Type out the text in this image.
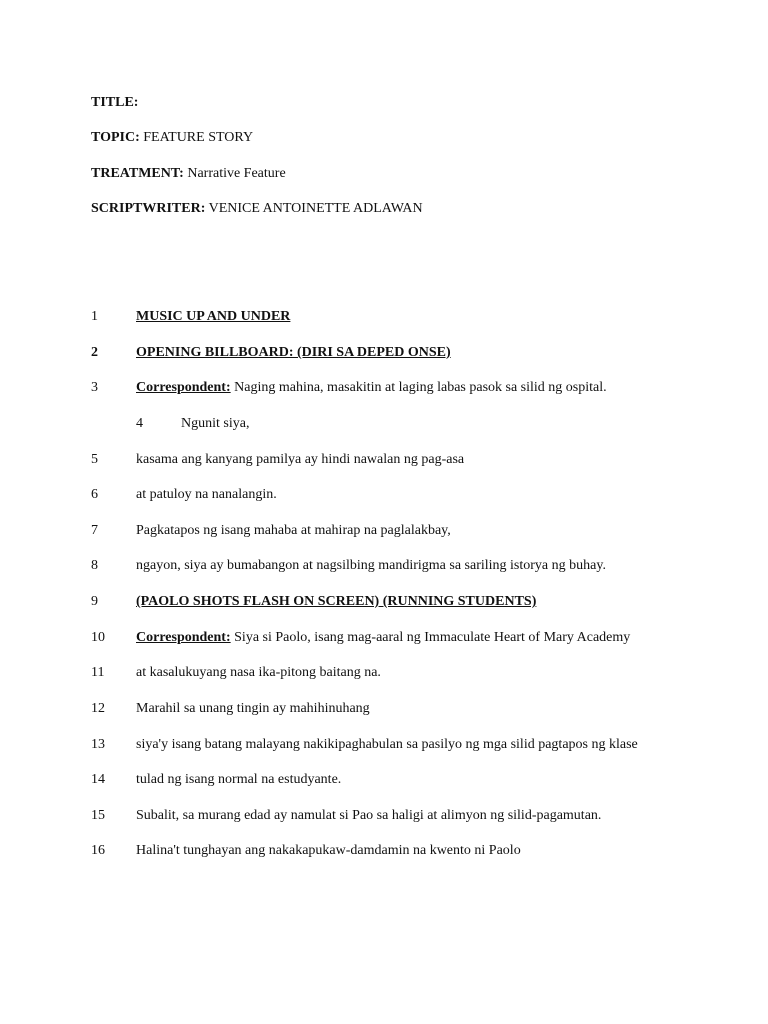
TITLE:
TOPIC: FEATURE STORY
TREATMENT: Narrative Feature
SCRIPTWRITER: VENICE ANTOINETTE ADLAWAN
1	MUSIC UP AND UNDER
2	OPENING BILLBOARD: (DIRI SA DEPED ONSE)
3	Correspondent: Naging mahina, masakitin at laging labas pasok sa silid ng ospital.
4	Ngunit siya,
5	kasama ang kanyang pamilya ay hindi nawalan ng pag-asa
6	at patuloy na nanalangin.
7	Pagkatapos ng isang mahaba at mahirap na paglalakbay,
8	ngayon, siya ay bumabangon at nagsilbing mandirigma sa sariling istorya ng buhay.
9	(PAOLO SHOTS FLASH ON SCREEN) (RUNNING STUDENTS)
10 Correspondent: Siya si Paolo, isang mag-aaral ng Immaculate Heart of Mary Academy
11 at kasalukuyang nasa ika-pitong baitang na.
12 Marahil sa unang tingin ay mahihinuhang
13 siya'y isang batang malayang nakikipaghabulan sa pasilyo ng mga silid pagtapos ng klase
14 tulad ng isang normal na estudyante.
15 Subalit, sa murang edad ay namulat si Pao sa haligi at alimyon ng silid-pagamutan.
16 Halina't tunghayan ang nakakapukaw-damdamin na kwento ni Paolo
